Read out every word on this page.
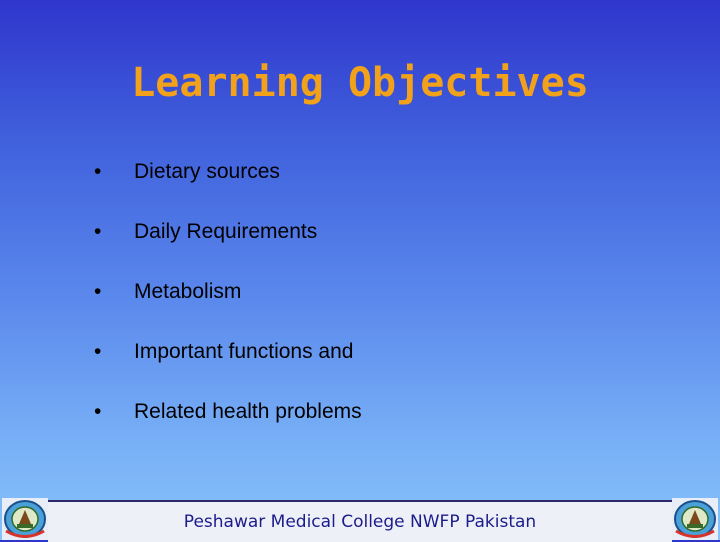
Learning Objectives
•	Dietary sources
•	Daily Requirements
•	Metabolism
•	Important functions and
•	Related health problems
Peshawar Medical College NWFP Pakistan
